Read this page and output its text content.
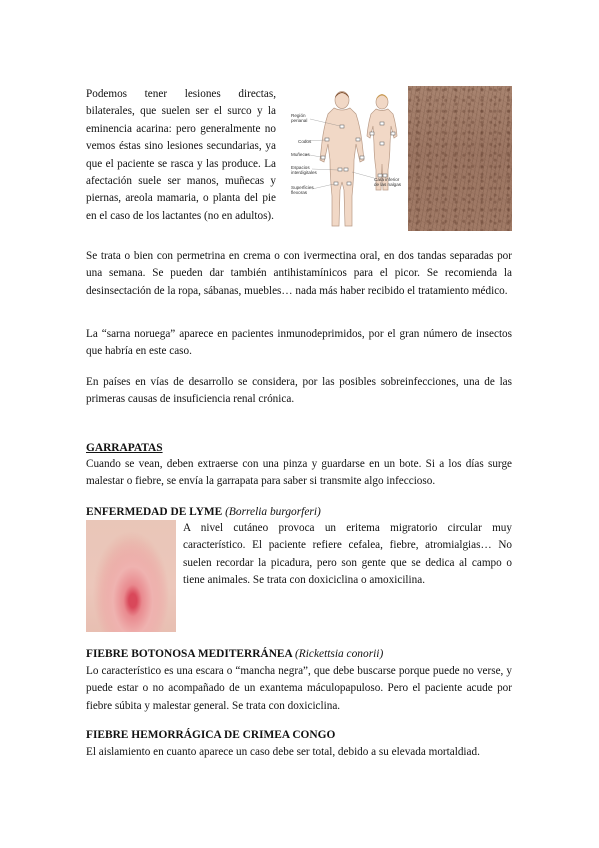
Podemos tener lesiones directas, bilaterales, que suelen ser el surco y la eminencia acarina: pero generalmente no vemos éstas sino lesiones secundarias, ya que el paciente se rasca y las produce. La afectación suele ser manos, muñecas y piernas, areola mamaria, o planta del pie en el caso de los lactantes (no en adultos).

Región
perianal
Codos
Muñecas
Espacios
interdigitales
Superficies
flexoras
Cara inferior
de las nalgas

Se trata o bien con permetrina en crema o con ivermectina oral, en dos tandas separadas por una semana. Se pueden dar también antihistamínicos para el picor. Se recomienda la desinsectación de la ropa, sábanas, muebles… nada más haber recibido el tratamiento médico.

La “sarna noruega” aparece en pacientes inmunodeprimidos, por el gran número de insectos que habría en este caso.

En países en vías de desarrollo se considera, por las posibles sobreinfecciones, una de las primeras causas de insuficiencia renal crónica.

GARRAPATAS

Cuando se vean, deben extraerse con una pinza y guardarse en un bote. Si a los días surge malestar o fiebre, se envía la garrapata para saber si transmite algo infeccioso.

ENFERMEDAD DE LYME (Borrelia burgorferi)

A nivel cutáneo provoca un eritema migratorio circular muy característico. El paciente refiere cefalea, fiebre, atromialgias… No suelen recordar la picadura, pero son gente que se dedica al campo o tiene animales. Se trata con doxiciclina o amoxicilina.

FIEBRE BOTONOSA MEDITERRÁNEA (Rickettsia conorii)

Lo característico es una escara o “mancha negra”, que debe buscarse porque puede no verse, y puede estar o no acompañado de un exantema máculopapuloso. Pero el paciente acude por fiebre súbita y malestar general. Se trata con doxiciclina.

FIEBRE HEMORRÁGICA DE CRIMEA CONGO

El aislamiento en cuanto aparece un caso debe ser total, debido a su elevada mortaldiad.
